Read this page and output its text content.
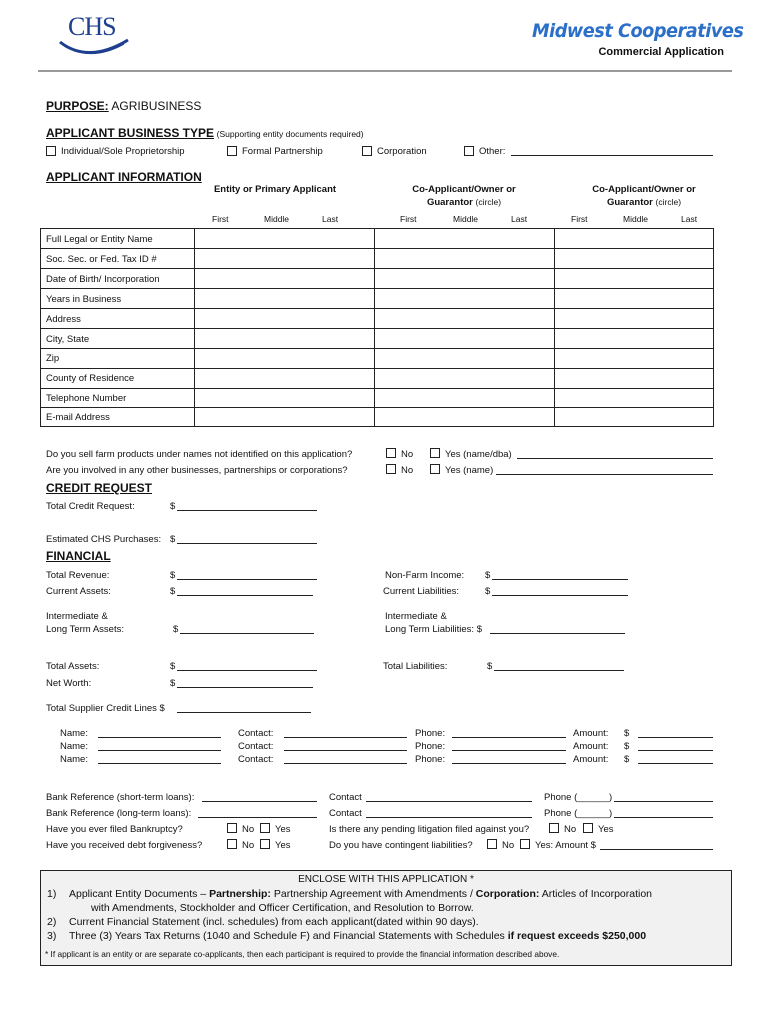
CHS	Midwest Cooperatives
Commercial Application
PURPOSE: AGRIBUSINESS
APPLICANT BUSINESS TYPE (Supporting entity documents required)
Individual/Sole Proprietorship	Formal Partnership	Corporation	Other:
APPLICANT INFORMATION
Entity or Primary Applicant	Co-Applicant/Owner or
Guarantor (circle)
Co-Applicant/Owner or
Guarantor (circle)
First	Middle	Last	First	Middle	Last	First	Middle	Last
Full Legal or Entity Name
Soc. Sec. or Fed. Tax ID #
Date of Birth/ Incorporation
Years in Business
Address
City, State
Zip
County of Residence
Telephone Number
E-mail Address
Do you sell farm products under names not identified on this application?	No	Yes (name/dba)
Are you involved in any other businesses, partnerships or corporations?	No	Yes (name)
CREDIT REQUEST
Total Credit Request:	$
Estimated CHS Purchases: $
FINANCIAL
Total Revenue:	$	Non-Farm Income: $
Current Assets:	$	Current Liabilities:	$
Intermediate &
Long Term Assets:	$
Intermediate &
Long Term Liabilities: $
Total Assets:	$	Total Liabilities:	$
Net Worth:	$
Total Supplier Credit Lines $
Name:	Contact:	Phone:	Amount: $
Name:	Contact:	Phone:	Amount: $
Name:	Contact:	Phone:	Amount: $
Bank Reference (short-term loans):	Contact	Phone (______)
Bank Reference (long-term loans):	Contact	Phone (______)
Have you ever filed Bankruptcy?	No Yes	Is there any pending litigation filed against you?	No Yes
Have you received debt forgiveness?	No Yes	Do you have contingent liabilities?	No Yes: Amount $
ENCLOSE WITH THIS APPLICATION *
1) Applicant Entity Documents – Partnership: Partnership Agreement with Amendments / Corporation: Articles of Incorporation
with Amendments, Stockholder and Officer Certification, and Resolution to Borrow.
2) Current Financial Statement (incl. schedules) from each applicant(dated within 90 days).
3) Three (3) Years Tax Returns (1040 and Schedule F) and Financial Statements with Schedules if request exceeds $250,000
* If applicant is an entity or are separate co-applicants, then each participant is required to provide the financial information described above.
